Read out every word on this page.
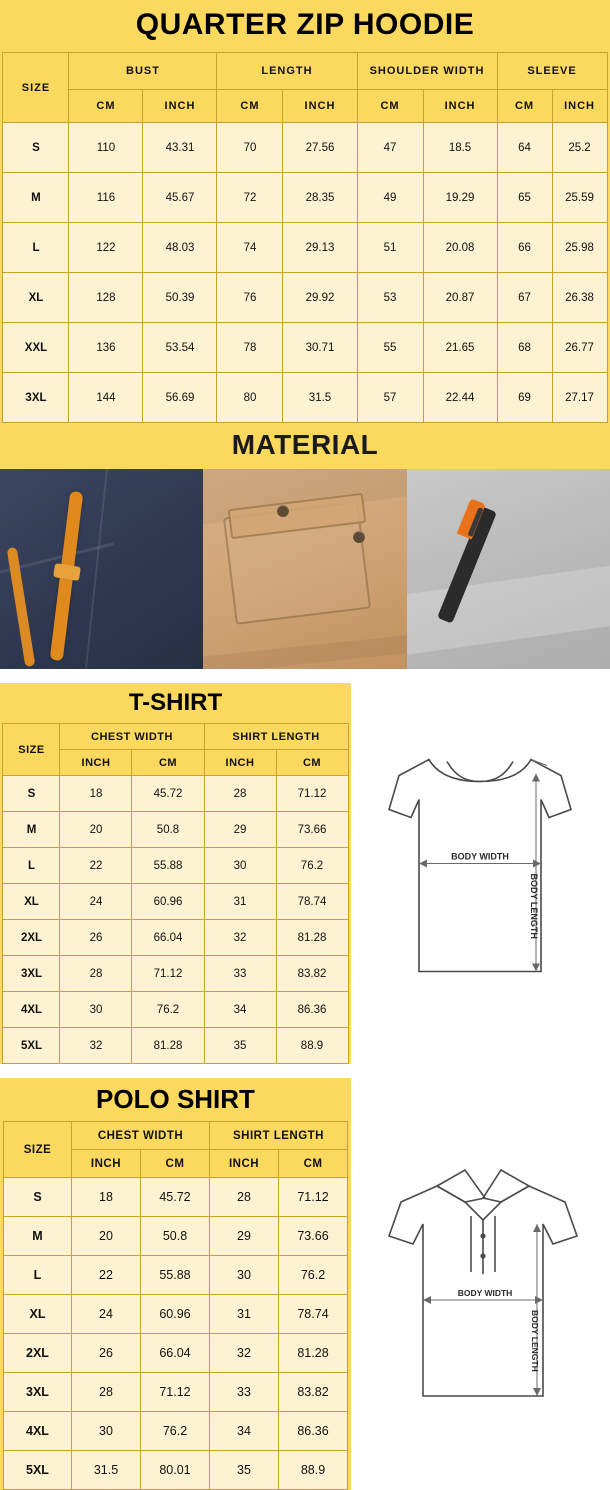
QUARTER ZIP HOODIE
SIZE	BUST		LENGTH		SHOULDER WIDTH		SLEEVE	
	CM	INCH	CM	INCH	CM	INCH	CM	INCH
S	110	43.31	70	27.56	47	18.5	64	25.2
M	116	45.67	72	28.35	49	19.29	65	25.59
L	122	48.03	74	29.13	51	20.08	66	25.98
XL	128	50.39	76	29.92	53	20.87	67	26.38
XXL	136	53.54	78	30.71	55	21.65	68	26.77
3XL	144	56.69	80	31.5	57	22.44	69	27.17
MATERIAL
T-SHIRT
SIZE	CHEST WIDTH		SHIRT LENGTH	
	INCH	CM	INCH	CM
S	18	45.72	28	71.12
M	20	50.8	29	73.66
L	22	55.88	30	76.2
XL	24	60.96	31	78.74
2XL	26	66.04	32	81.28
3XL	28	71.12	33	83.82
4XL	30	76.2	34	86.36
5XL	32	81.28	35	88.9
BODY WIDTH
BODY LENGTH
POLO SHIRT
SIZE	CHEST WIDTH		SHIRT LENGTH	
	INCH	CM	INCH	CM
S	18	45.72	28	71.12
M	20	50.8	29	73.66
L	22	55.88	30	76.2
XL	24	60.96	31	78.74
2XL	26	66.04	32	81.28
3XL	28	71.12	33	83.82
4XL	30	76.2	34	86.36
5XL	31.5	80.01	35	88.9
BODY WIDTH
BODY LENGTH
